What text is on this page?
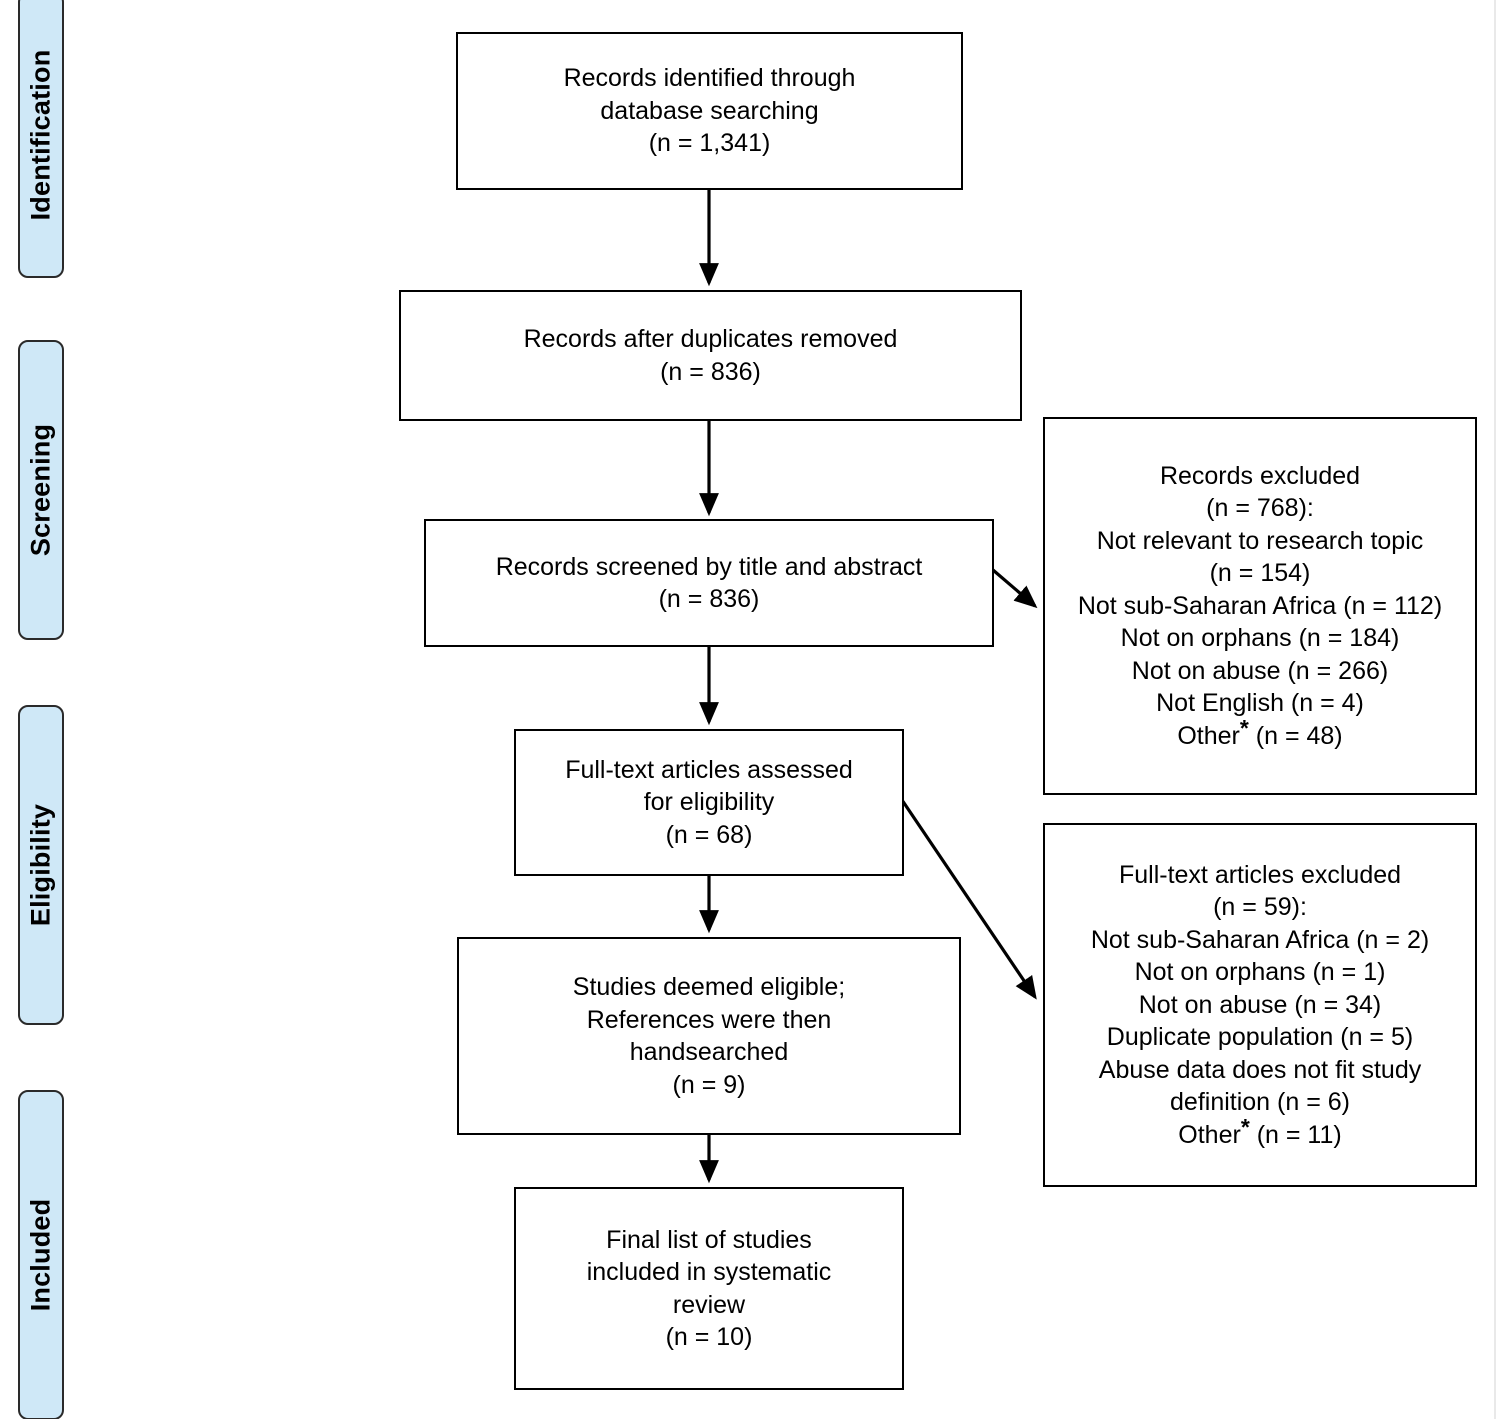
Identification
Screening
Eligibility
Included
Records identified through
database searching
(n = 1,341)
Records after duplicates removed
(n = 836)
Records screened by title and abstract
(n = 836)
Full-text articles assessed
for eligibility
(n = 68)
Studies deemed eligible;
References were then
handsearched
(n = 9)
Final list of studies
included in systematic
review
(n = 10)
Records excluded
(n = 768):
Not relevant to research topic
(n = 154)
Not sub-Saharan Africa (n = 112)
Not on orphans (n = 184)
Not on abuse (n = 266)
Not English (n = 4)
Other* (n = 48)
Full-text articles excluded
(n = 59):
Not sub-Saharan Africa (n = 2)
Not on orphans (n = 1)
Not on abuse (n = 34)
Duplicate population (n = 5)
Abuse data does not fit study
definition (n = 6)
Other* (n = 11)
